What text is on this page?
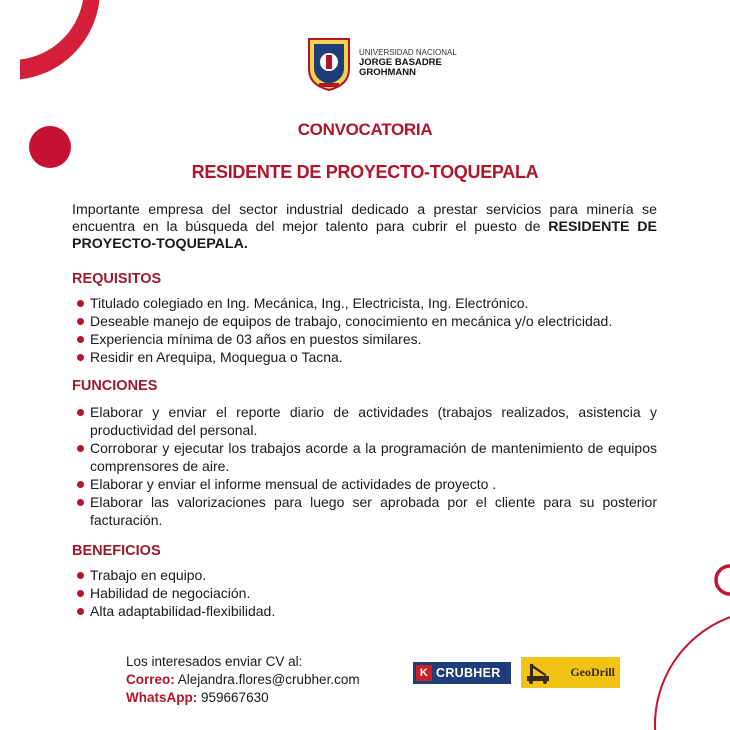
UNIVERSIDAD NACIONAL
JORGE BASADRE
GROHMANN
CONVOCATORIA
RESIDENTE DE PROYECTO-TOQUEPALA
Importante empresa del sector industrial dedicado a prestar servicios para minería se encuentra en la búsqueda del mejor talento para cubrir el puesto de RESIDENTE DE PROYECTO-TOQUEPALA.
REQUISITOS
Titulado colegiado en Ing. Mecánica, Ing., Electricista, Ing. Electrónico.
Deseable manejo de equipos de trabajo, conocimiento en mecánica y/o electricidad.
Experiencia mínima de 03 años en puestos similares.
Residir en Arequipa, Moquegua o Tacna.
FUNCIONES
Elaborar y enviar el reporte diario de actividades (trabajos realizados, asistencia y productividad del personal.
Corroborar y ejecutar los trabajos acorde a la programación de mantenimiento de equipos comprensores de aire.
Elaborar y enviar el informe mensual de actividades de proyecto .
Elaborar las valorizaciones para luego ser aprobada por el cliente para su posterior facturación.
BENEFICIOS
Trabajo en equipo.
Habilidad de negociación.
Alta adaptabilidad-flexibilidad.
Los interesados enviar CV al:
Correo: Alejandra.flores@crubher.com
WhatsApp: 959667630
K CRUBHER	GeoDrill
